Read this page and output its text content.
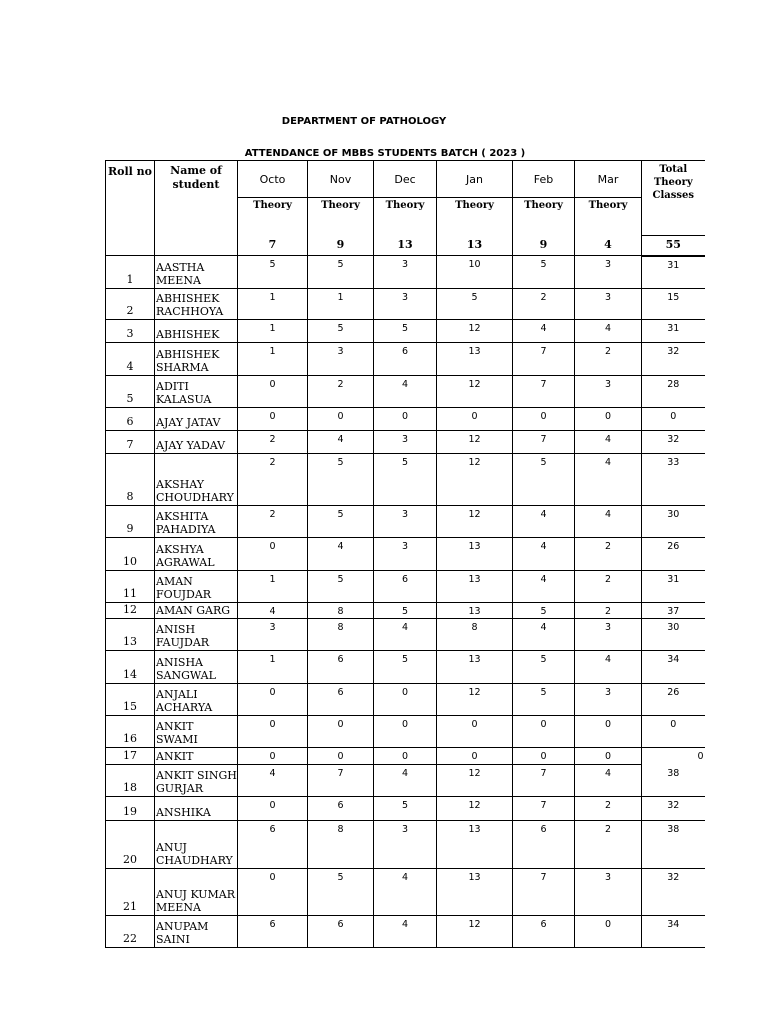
DEPARTMENT OF PATHOLOGY
ATTENDANCE OF MBBS STUDENTS BATCH ( 2023 )
Roll no	Name of student	Octo	Nov	Dec	Jan	Feb	Mar	Total Theory Classes
		Theory	Theory	Theory	Theory	Theory	Theory	
		7	9	13	13	9	4	55
1	AASTHA MEENA	5	5	3	10	5	3	31
2	ABHISHEK RACHHOYA	1	1	3	5	2	3	15
3	ABHISHEK	1	5	5	12	4	4	31
4	ABHISHEK SHARMA	1	3	6	13	7	2	32
5	ADITI KALASUA	0	2	4	12	7	3	28
6	AJAY JATAV	0	0	0	0	0	0	0
7	AJAY YADAV	2	4	3	12	7	4	32
8	AKSHAY CHOUDHARY	2	5	5	12	5	4	33
9	AKSHITA PAHADIYA	2	5	3	12	4	4	30
10	AKSHYA AGRAWAL	0	4	3	13	4	2	26
11	AMAN FOUJDAR	1	5	6	13	4	2	31
12	AMAN GARG	4	8	5	13	5	2	37
13	ANISH FAUJDAR	3	8	4	8	4	3	30
14	ANISHA SANGWAL	1	6	5	13	5	4	34
15	ANJALI ACHARYA	0	6	0	12	5	3	26
16	ANKIT SWAMI	0	0	0	0	0	0	0
17	ANKIT	0	0	0	0	0	0	0
18	ANKIT SINGH GURJAR	4	7	4	12	7	4	38
19	ANSHIKA	0	6	5	12	7	2	32
20	ANUJ CHAUDHARY	6	8	3	13	6	2	38
21	ANUJ KUMAR MEENA	0	5	4	13	7	3	32
22	ANUPAM SAINI	6	6	4	12	6	0	34
